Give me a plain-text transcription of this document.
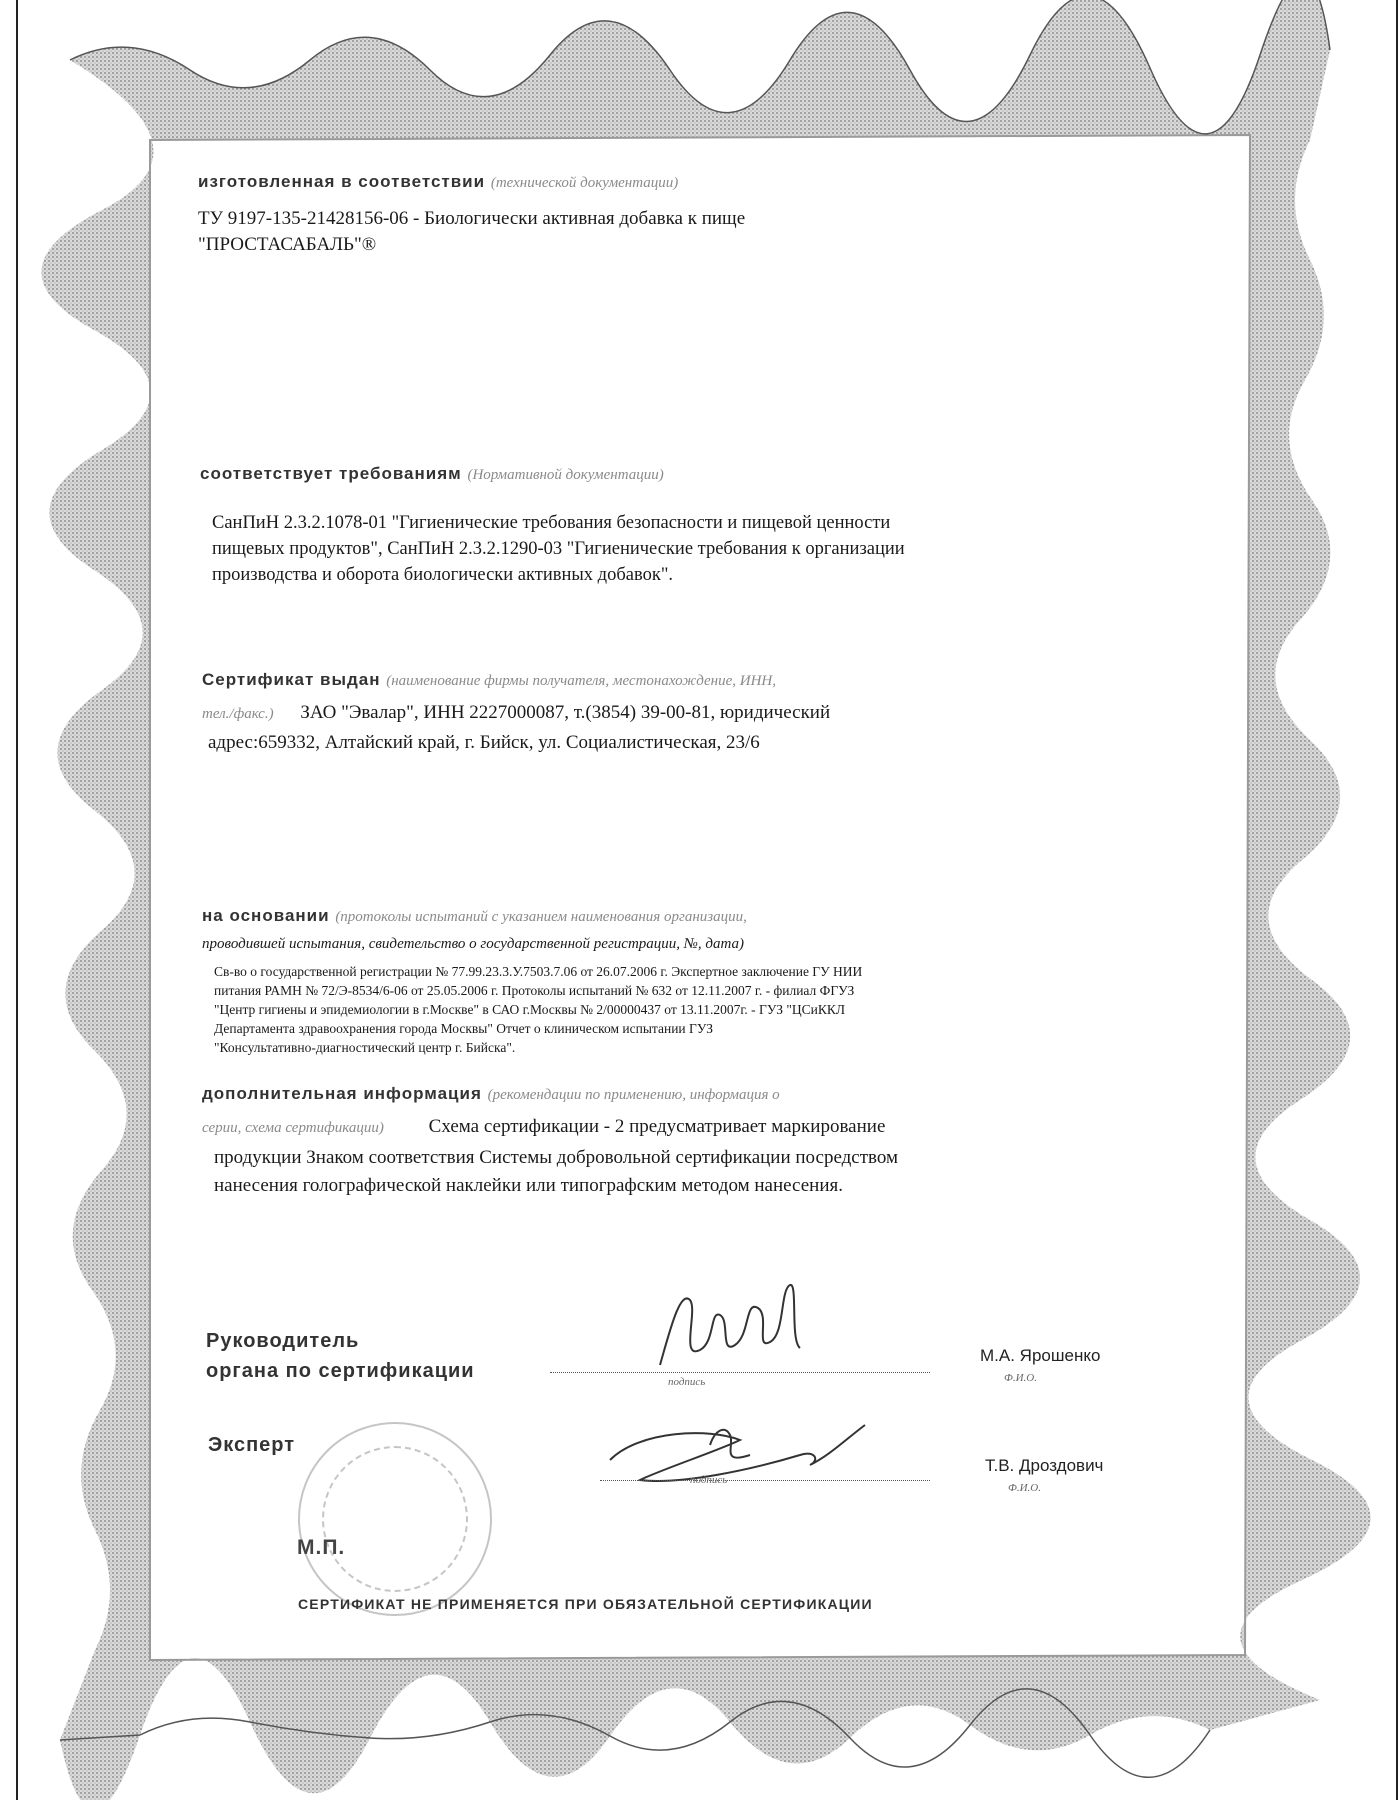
изготовленная в соответствии (технической документации)
ТУ 9197-135-21428156-06 - Биологически активная добавка к пище
"ПРОСТАСАБАЛЬ"®
соответствует требованиям (Нормативной документации)
СанПиН 2.3.2.1078-01 "Гигиенические требования безопасности и пищевой ценности
пищевых продуктов", СанПиН 2.3.2.1290-03 "Гигиенические требования к организации
производства и оборота биологически активных добавок".
Сертификат выдан (наименование фирмы получателя, местонахождение, ИНН,
тел./факс.) ЗАО "Эвалар", ИНН 2227000087, т.(3854) 39-00-81, юридический
адрес:659332, Алтайский край, г. Бийск, ул. Социалистическая, 23/6
на основании (протоколы испытаний с указанием наименования организации,
проводившей испытания, свидетельство о государственной регистрации, №, дата)
Св-во о государственной регистрации № 77.99.23.3.У.7503.7.06 от 26.07.2006 г. Экспертное заключение ГУ НИИ
питания РАМН № 72/Э-8534/6-06 от 25.05.2006 г. Протоколы испытаний № 632 от 12.11.2007 г. - филиал ФГУЗ
"Центр гигиены и эпидемиологии в г.Москве" в САО г.Москвы № 2/00000437 от 13.11.2007г. - ГУЗ "ЦСиККЛ
Департамента здравоохранения города Москвы" Отчет о клиническом испытании ГУЗ
"Консультативно-диагностический центр г. Бийска".
дополнительная информация (рекомендации по применению, информация о
серии, схема сертификации) Схема сертификации - 2 предусматривает маркирование
продукции Знаком соответствия Системы добровольной сертификации посредством
нанесения голографической наклейки или типографским методом нанесения.
Руководитель
органа по сертификации	подпись
М.А. Ярошенко
Ф.И.О.
Эксперт
подпись
Т.В. Дроздович
Ф.И.О.
М.П.
СЕРТИФИКАТ НЕ ПРИМЕНЯЕТСЯ ПРИ ОБЯЗАТЕЛЬНОЙ СЕРТИФИКАЦИИ
